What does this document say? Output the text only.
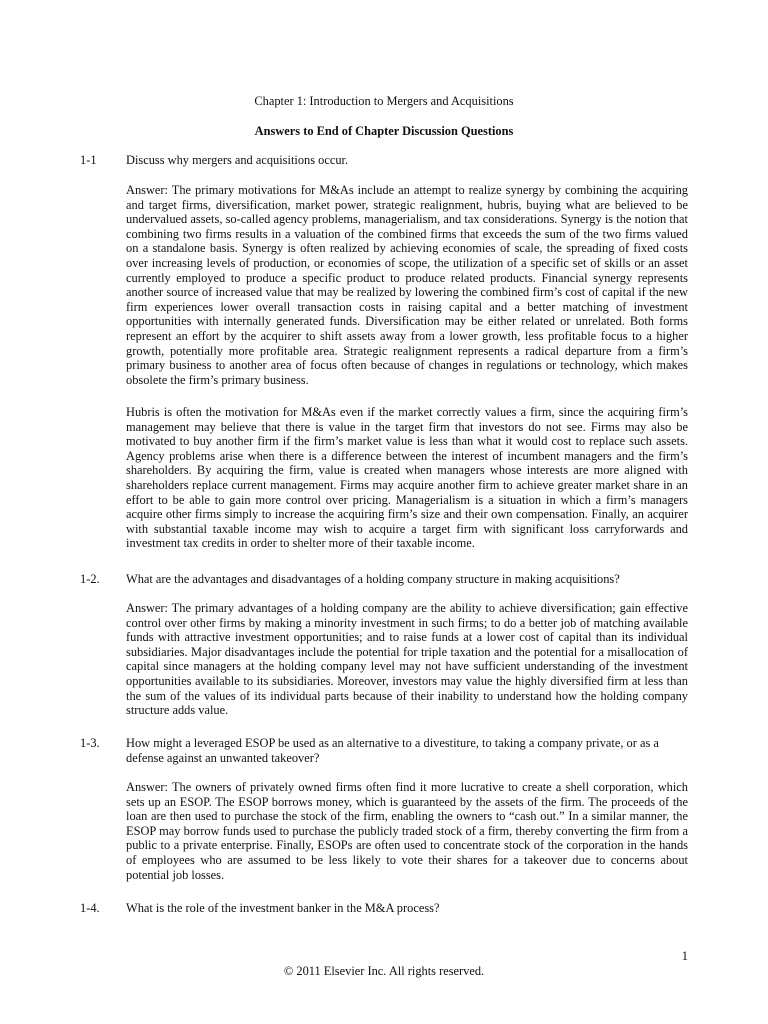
Chapter 1: Introduction to Mergers and Acquisitions
Answers to End of Chapter Discussion Questions
1-1 Discuss why mergers and acquisitions occur.
Answer: The primary motivations for M&As include an attempt to realize synergy by combining the acquiring and target firms, diversification, market power, strategic realignment, hubris, buying what are believed to be undervalued assets, so-called agency problems, managerialism, and tax considerations. Synergy is the notion that combining two firms results in a valuation of the combined firms that exceeds the sum of the two firms valued on a standalone basis. Synergy is often realized by achieving economies of scale, the spreading of fixed costs over increasing levels of production, or economies of scope, the utilization of a specific set of skills or an asset currently employed to produce a specific product to produce related products. Financial synergy represents another source of increased value that may be realized by lowering the combined firm’s cost of capital if the new firm experiences lower overall transaction costs in raising capital and a better matching of investment opportunities with internally generated funds. Diversification may be either related or unrelated. Both forms represent an effort by the acquirer to shift assets away from a lower growth, less profitable focus to a higher growth, potentially more profitable area. Strategic realignment represents a radical departure from a firm’s primary business to another area of focus often because of changes in regulations or technology, which makes obsolete the firm’s primary business.
Hubris is often the motivation for M&As even if the market correctly values a firm, since the acquiring firm’s management may believe that there is value in the target firm that investors do not see. Firms may also be motivated to buy another firm if the firm’s market value is less than what it would cost to replace such assets. Agency problems arise when there is a difference between the interest of incumbent managers and the firm’s shareholders. By acquiring the firm, value is created when managers whose interests are more aligned with shareholders replace current management. Firms may acquire another firm to achieve greater market share in an effort to be able to gain more control over pricing. Managerialism is a situation in which a firm’s managers acquire other firms simply to increase the acquiring firm’s size and their own compensation. Finally, an acquirer with substantial taxable income may wish to acquire a target firm with significant loss carryforwards and investment tax credits in order to shelter more of their taxable income.
1-2. What are the advantages and disadvantages of a holding company structure in making acquisitions?
Answer: The primary advantages of a holding company are the ability to achieve diversification; gain effective control over other firms by making a minority investment in such firms; to do a better job of matching available funds with attractive investment opportunities; and to raise funds at a lower cost of capital than its individual subsidiaries. Major disadvantages include the potential for triple taxation and the potential for a misallocation of capital since managers at the holding company level may not have sufficient understanding of the investment opportunities available to its subsidiaries. Moreover, investors may value the highly diversified firm at less than the sum of the values of its individual parts because of their inability to understand how the holding company structure adds value.
1-3. How might a leveraged ESOP be used as an alternative to a divestiture, to taking a company private, or as a defense against an unwanted takeover?
Answer: The owners of privately owned firms often find it more lucrative to create a shell corporation, which sets up an ESOP. The ESOP borrows money, which is guaranteed by the assets of the firm. The proceeds of the loan are then used to purchase the stock of the firm, enabling the owners to “cash out.” In a similar manner, the ESOP may borrow funds used to purchase the publicly traded stock of a firm, thereby converting the firm from a public to a private enterprise. Finally, ESOPs are often used to concentrate stock of the corporation in the hands of employees who are assumed to be less likely to vote their shares for a takeover due to concerns about potential job losses.
1-4. What is the role of the investment banker in the M&A process?
1
© 2011 Elsevier Inc. All rights reserved.
